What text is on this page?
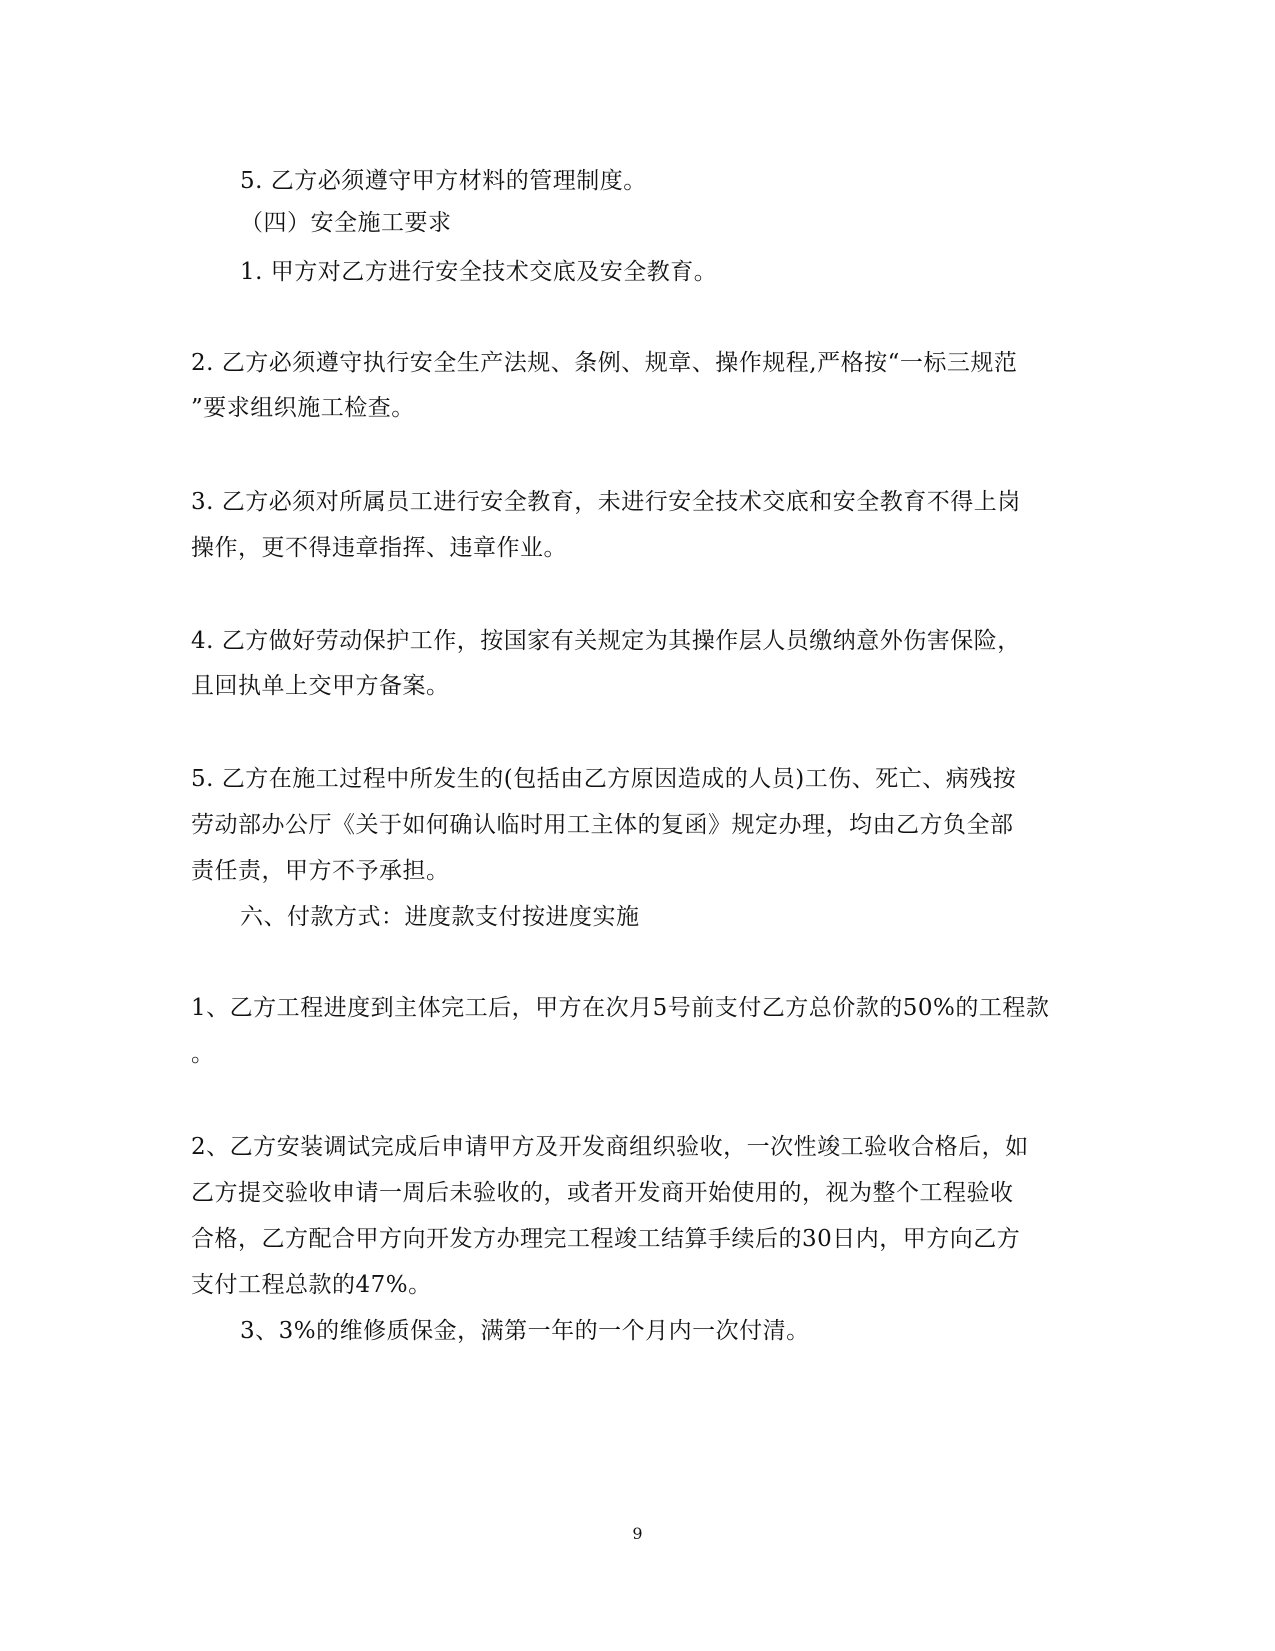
5. 乙方必须遵守甲方材料的管理制度。
（四）安全施工要求
1. 甲方对乙方进行安全技术交底及安全教育。
2. 乙方必须遵守执行安全生产法规、条例、规章、操作规程,严格按“一标三规范
”要求组织施工检查。
3. 乙方必须对所属员工进行安全教育，未进行安全技术交底和安全教育不得上岗
操作，更不得违章指挥、违章作业。
4. 乙方做好劳动保护工作，按国家有关规定为其操作层人员缴纳意外伤害保险，
且回执单上交甲方备案。
5. 乙方在施工过程中所发生的(包括由乙方原因造成的人员)工伤、死亡、病残按
劳动部办公厅《关于如何确认临时用工主体的复函》规定办理，均由乙方负全部
责任责，甲方不予承担。
六、付款方式：进度款支付按进度实施
1、乙方工程进度到主体完工后，甲方在次月5号前支付乙方总价款的50%的工程款
。
2、乙方安装调试完成后申请甲方及开发商组织验收，一次性竣工验收合格后，如
乙方提交验收申请一周后未验收的，或者开发商开始使用的，视为整个工程验收
合格，乙方配合甲方向开发方办理完工程竣工结算手续后的30日内，甲方向乙方
支付工程总款的47%。
3、3%的维修质保金，满第一年的一个月内一次付清。
9
